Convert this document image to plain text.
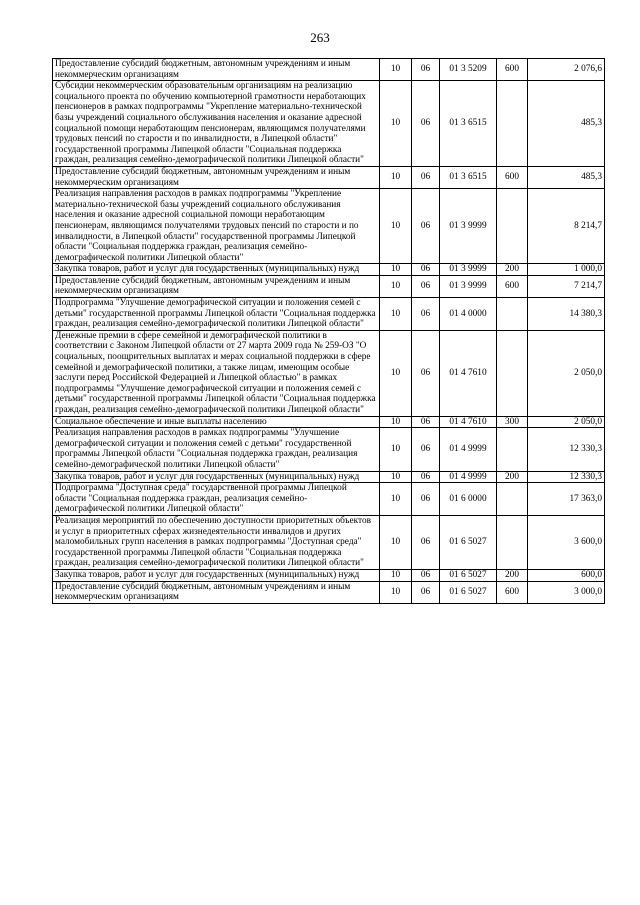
263
Предоставление субсидий бюджетным, автономным учреждениям и иным некоммерческим организациям	10	06	01 3 5209	600	2 076,6
Субсидии некоммерческим образовательным организациям на реализацию социального проекта по обучению компьютерной грамотности неработающих пенсионеров в рамках подпрограммы "Укрепление материально-технической базы учреждений социального обслуживания населения и оказание адресной социальной помощи неработающим пенсионерам, являющимся получателями трудовых пенсий по старости и по инвалидности, в Липецкой области" государственной программы Липецкой области "Социальная поддержка граждан, реализация семейно-демографической политики Липецкой области"	10	06	01 3 6515		485,3
Предоставление субсидий бюджетным, автономным учреждениям и иным некоммерческим организациям	10	06	01 3 6515	600	485,3
Реализация направления расходов в рамках подпрограммы "Укрепление материально-технической базы учреждений социального обслуживания населения и оказание адресной социальной помощи неработающим пенсионерам, являющимся получателями трудовых пенсий по старости и по инвалидности, в Липецкой области" государственной программы Липецкой области "Социальная поддержка граждан, реализация семейно-демографической политики Липецкой области"	10	06	01 3 9999		8 214,7
Закупка товаров, работ и услуг для государственных (муниципальных) нужд	10	06	01 3 9999	200	1 000,0
Предоставление субсидий бюджетным, автономным учреждениям и иным некоммерческим организациям	10	06	01 3 9999	600	7 214,7
Подпрограмма "Улучшение демографической ситуации и положения семей с детьми" государственной программы Липецкой области "Социальная поддержка граждан, реализация семейно-демографической политики Липецкой области"	10	06	01 4 0000		14 380,3
Денежные премии в сфере семейной и демографической политики в соответствии с Законом Липецкой области от 27 марта 2009 года № 259-ОЗ "О социальных, поощрительных выплатах и мерах социальной поддержки в сфере семейной и демографической политики, а также лицам, имеющим особые заслуги перед Российской Федерацией и Липецкой областью" в рамках подпрограммы "Улучшение демографической ситуации и положения семей с детьми" государственной программы Липецкой области "Социальная поддержка граждан, реализация семейно-демографической политики Липецкой области"	10	06	01 4 7610		2 050,0
Социальное обеспечение и иные выплаты населению	10	06	01 4 7610	300	2 050,0
Реализация направления расходов в рамках подпрограммы "Улучшение демографической ситуации и положения семей с детьми" государственной программы Липецкой области "Социальная поддержка граждан, реализация семейно-демографической политики Липецкой области"	10	06	01 4 9999		12 330,3
Закупка товаров, работ и услуг для государственных (муниципальных) нужд	10	06	01 4 9999	200	12 330,3
Подпрограмма "Доступная среда" государственной программы Липецкой области "Социальная поддержка граждан, реализация семейно-демографической политики Липецкой области"	10	06	01 6 0000		17 363,0
Реализация мероприятий по обеспечению доступности приоритетных объектов и услуг в приоритетных сферах жизнедеятельности инвалидов и других маломобильных групп населения в рамках подпрограммы "Доступная среда" государственной программы Липецкой области "Социальная поддержка граждан, реализация семейно-демографической политики Липецкой области"	10	06	01 6 5027		3 600,0
Закупка товаров, работ и услуг для государственных (муниципальных) нужд	10	06	01 6 5027	200	600,0
Предоставление субсидий бюджетным, автономным учреждениям и иным некоммерческим организациям	10	06	01 6 5027	600	3 000,0
